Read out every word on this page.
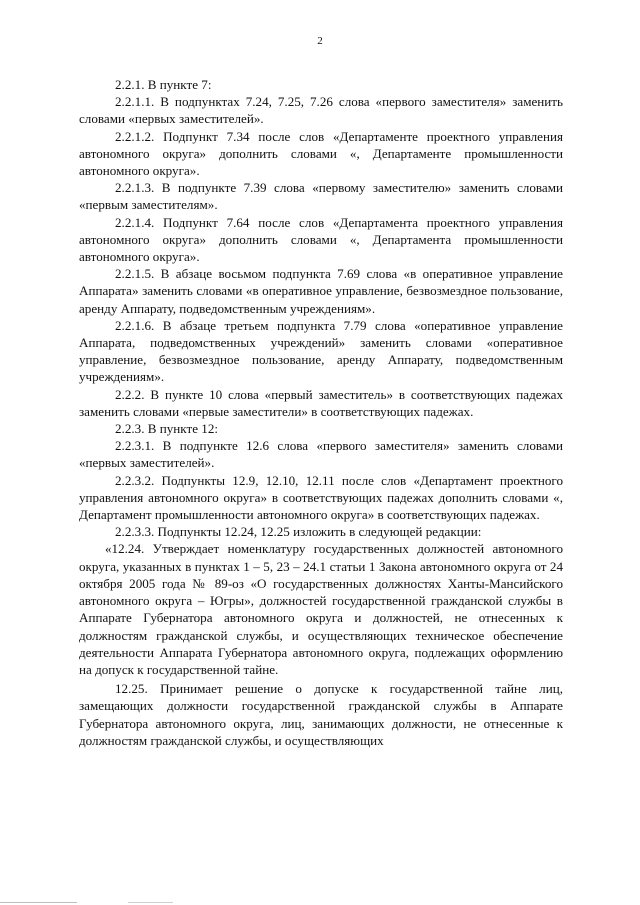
2

2.2.1. В пункте 7:

2.2.1.1. В подпунктах 7.24, 7.25, 7.26 слова «первого заместителя» заменить словами «первых заместителей».

2.2.1.2. Подпункт 7.34 после слов «Департаменте проектного управления автономного округа» дополнить словами «, Департаменте промышленности автономного округа».

2.2.1.3. В подпункте 7.39 слова «первому заместителю» заменить словами «первым заместителям».

2.2.1.4. Подпункт 7.64 после слов «Департамента проектного управления автономного округа» дополнить словами «, Департамента промышленности автономного округа».

2.2.1.5. В абзаце восьмом подпункта 7.69 слова «в оперативное управление Аппарата» заменить словами «в оперативное управление, безвозмездное пользование, аренду Аппарату, подведомственным учреждениям».

2.2.1.6. В абзаце третьем подпункта 7.79 слова «оперативное управление Аппарата, подведомственных учреждений» заменить словами «оперативное управление, безвозмездное пользование, аренду Аппарату, подведомственным учреждениям».

2.2.2. В пункте 10 слова «первый заместитель» в соответствующих падежах заменить словами «первые заместители» в соответствующих падежах.

2.2.3. В пункте 12:

2.2.3.1. В подпункте 12.6 слова «первого заместителя» заменить словами «первых заместителей».

2.2.3.2. Подпункты 12.9, 12.10, 12.11 после слов «Департамент проектного управления автономного округа» в соответствующих падежах дополнить словами «, Департамент промышленности автономного округа» в соответствующих падежах.

2.2.3.3. Подпункты 12.24, 12.25 изложить в следующей редакции:

«12.24. Утверждает номенклатуру государственных должностей автономного округа, указанных в пунктах 1 – 5, 23 – 24.1 статьи 1 Закона автономного округа от 24 октября 2005 года № 89-оз «О государственных должностях Ханты-Мансийского автономного округа – Югры», должностей государственной гражданской службы в Аппарате Губернатора автономного округа и должностей, не отнесенных к должностям гражданской службы, и осуществляющих техническое обеспечение деятельности Аппарата Губернатора автономного округа, подлежащих оформлению на допуск к государственной тайне.

12.25. Принимает решение о допуске к государственной тайне лиц, замещающих должности государственной гражданской службы в Аппарате Губернатора автономного округа, лиц, занимающих должности, не отнесенные к должностям гражданской службы, и осуществляющих
